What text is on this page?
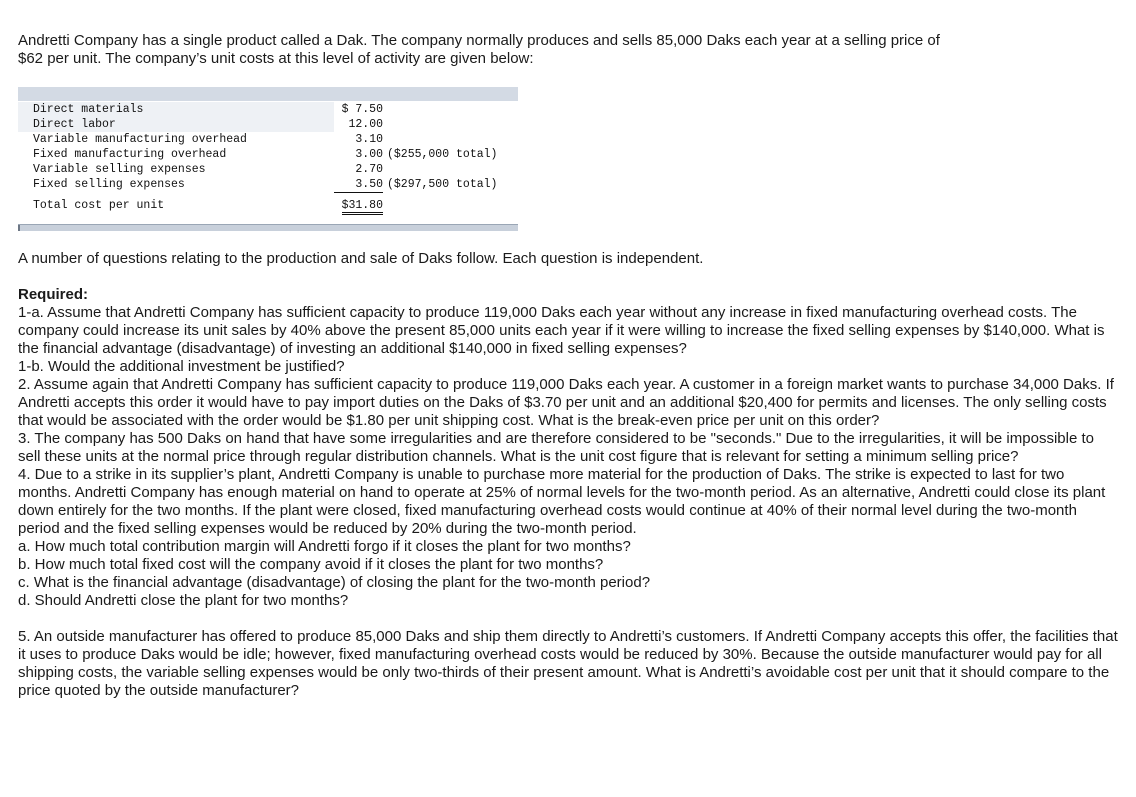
Andretti Company has a single product called a Dak. The company normally produces and sells 85,000 Daks each year at a selling price of $62 per unit. The company’s unit costs at this level of activity are given below:

Direct materials		$ 7.50	
Direct labor		12.00	
Variable manufacturing overhead		3.10	
Fixed manufacturing overhead		3.00	($255,000 total)
Variable selling expenses		2.70	
Fixed selling expenses		3.50	($297,500 total)
Total cost per unit		$31.80	

A number of questions relating to the production and sale of Daks follow. Each question is independent.

Required:

1-a. Assume that Andretti Company has sufficient capacity to produce 119,000 Daks each year without any increase in fixed manufacturing overhead costs. The company could increase its unit sales by 40% above the present 85,000 units each year if it were willing to increase the fixed selling expenses by $140,000. What is the financial advantage (disadvantage) of investing an additional $140,000 in fixed selling expenses?

1-b. Would the additional investment be justified?

2. Assume again that Andretti Company has sufficient capacity to produce 119,000 Daks each year. A customer in a foreign market wants to purchase 34,000 Daks. If Andretti accepts this order it would have to pay import duties on the Daks of $3.70 per unit and an additional $20,400 for permits and licenses. The only selling costs that would be associated with the order would be $1.80 per unit shipping cost. What is the break-even price per unit on this order?

3. The company has 500 Daks on hand that have some irregularities and are therefore considered to be "seconds." Due to the irregularities, it will be impossible to sell these units at the normal price through regular distribution channels. What is the unit cost figure that is relevant for setting a minimum selling price?

4. Due to a strike in its supplier’s plant, Andretti Company is unable to purchase more material for the production of Daks. The strike is expected to last for two months. Andretti Company has enough material on hand to operate at 25% of normal levels for the two-month period. As an alternative, Andretti could close its plant down entirely for the two months. If the plant were closed, fixed manufacturing overhead costs would continue at 40% of their normal level during the two-month period and the fixed selling expenses would be reduced by 20% during the two-month period.

a. How much total contribution margin will Andretti forgo if it closes the plant for two months?

b. How much total fixed cost will the company avoid if it closes the plant for two months?

c. What is the financial advantage (disadvantage) of closing the plant for the two-month period?

d. Should Andretti close the plant for two months?

5. An outside manufacturer has offered to produce 85,000 Daks and ship them directly to Andretti’s customers. If Andretti Company accepts this offer, the facilities that it uses to produce Daks would be idle; however, fixed manufacturing overhead costs would be reduced by 30%. Because the outside manufacturer would pay for all shipping costs, the variable selling expenses would be only two-thirds of their present amount. What is Andretti’s avoidable cost per unit that it should compare to the price quoted by the outside manufacturer?
